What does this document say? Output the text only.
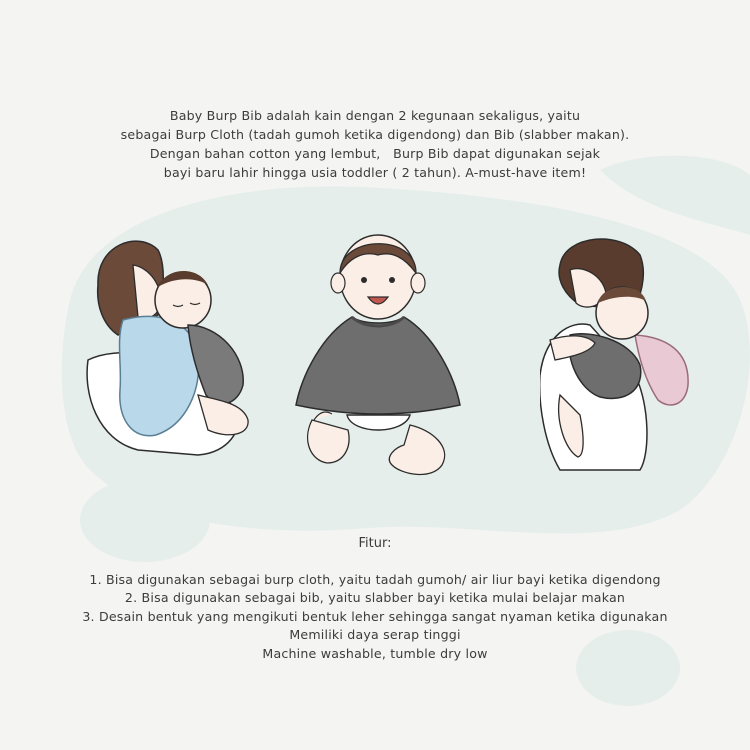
Baby Burp Bib adalah kain dengan 2 kegunaan sekaligus, yaitu
sebagai Burp Cloth (tadah gumoh ketika digendong) dan Bib (slabber makan).
Dengan bahan cotton yang lembut,   Burp Bib dapat digunakan sejak
bayi baru lahir hingga usia toddler ( 2 tahun). A-must-have item!
Fitur:
1. Bisa digunakan sebagai burp cloth, yaitu tadah gumoh/ air liur bayi ketika digendong
2. Bisa digunakan sebagai bib, yaitu slabber bayi ketika mulai belajar makan
3. Desain bentuk yang mengikuti bentuk leher sehingga sangat nyaman ketika digunakan
Memiliki daya serap tinggi
Machine washable, tumble dry low
